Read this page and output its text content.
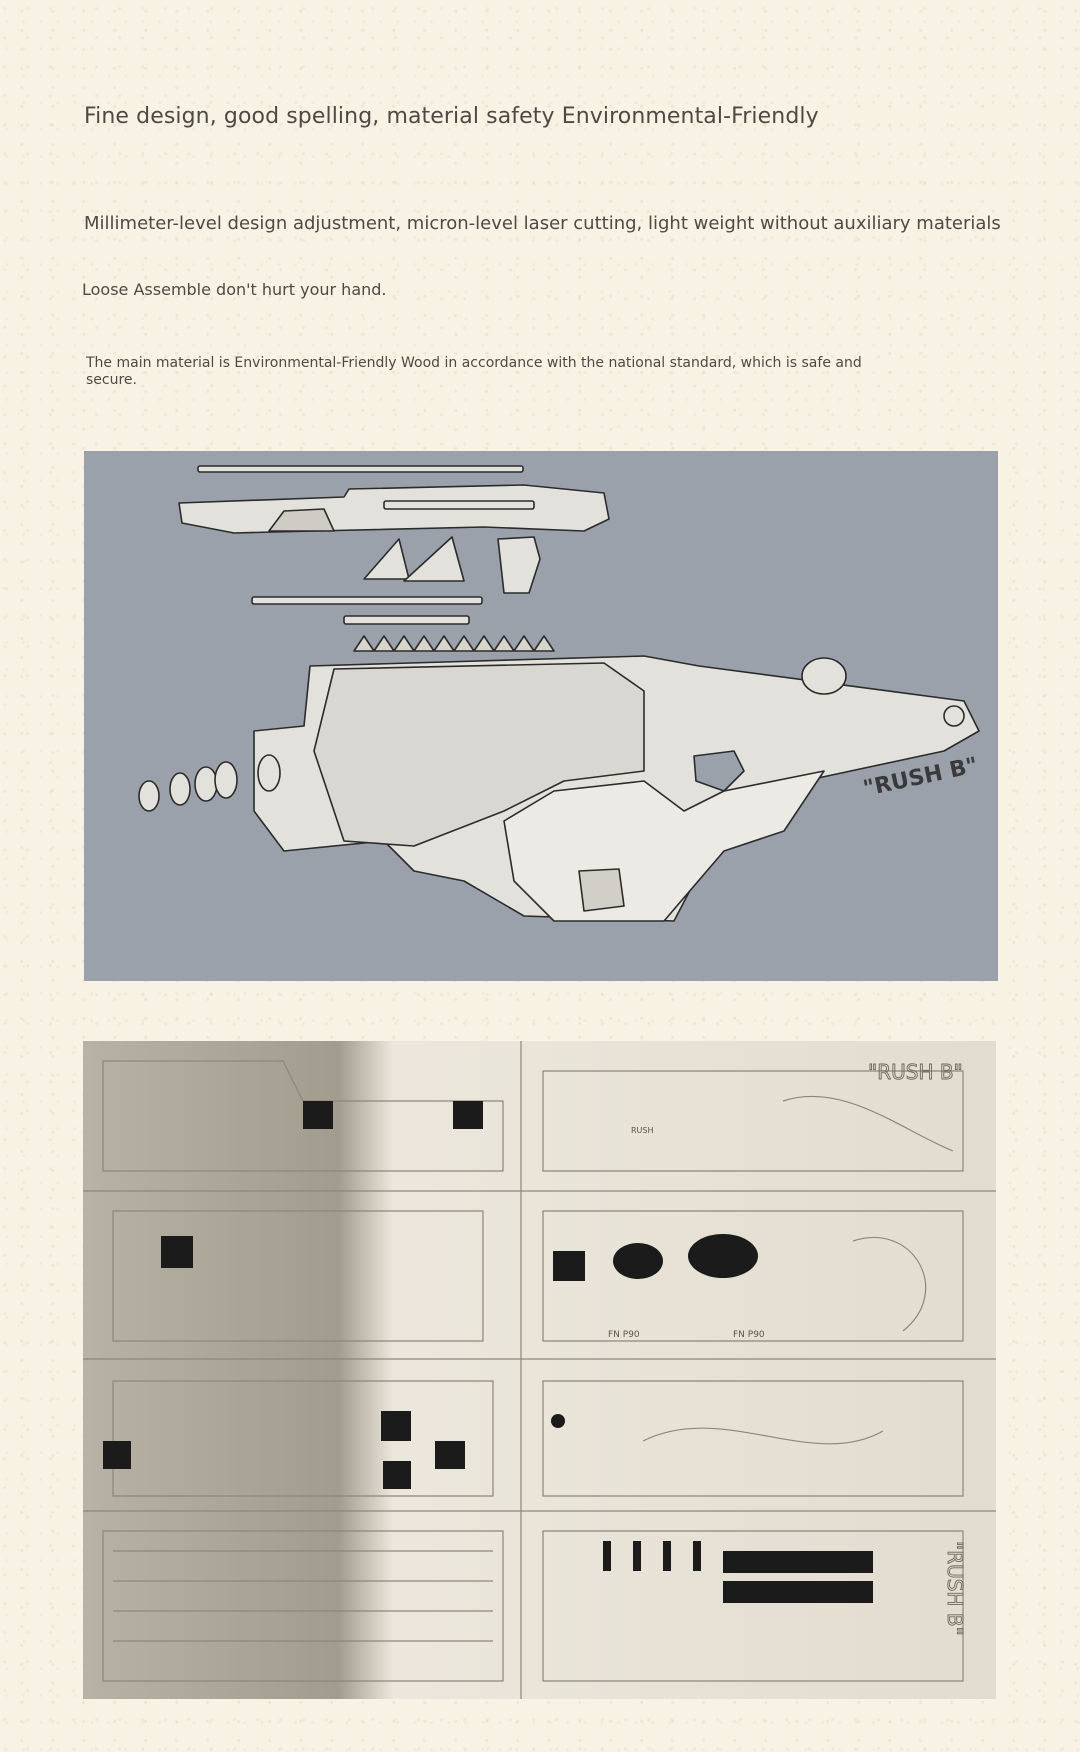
Fine design, good spelling, material safety Environmental-Friendly

Millimeter-level design adjustment, micron-level laser cutting, light weight without auxiliary materials

Loose Assemble don't hurt your hand.

The main material is Environmental-Friendly Wood in accordance with the national standard, which is safe and secure.

"RUSH B"
"RUSH B"
"RUSH B"
FN P90	FN P90
RUSH
